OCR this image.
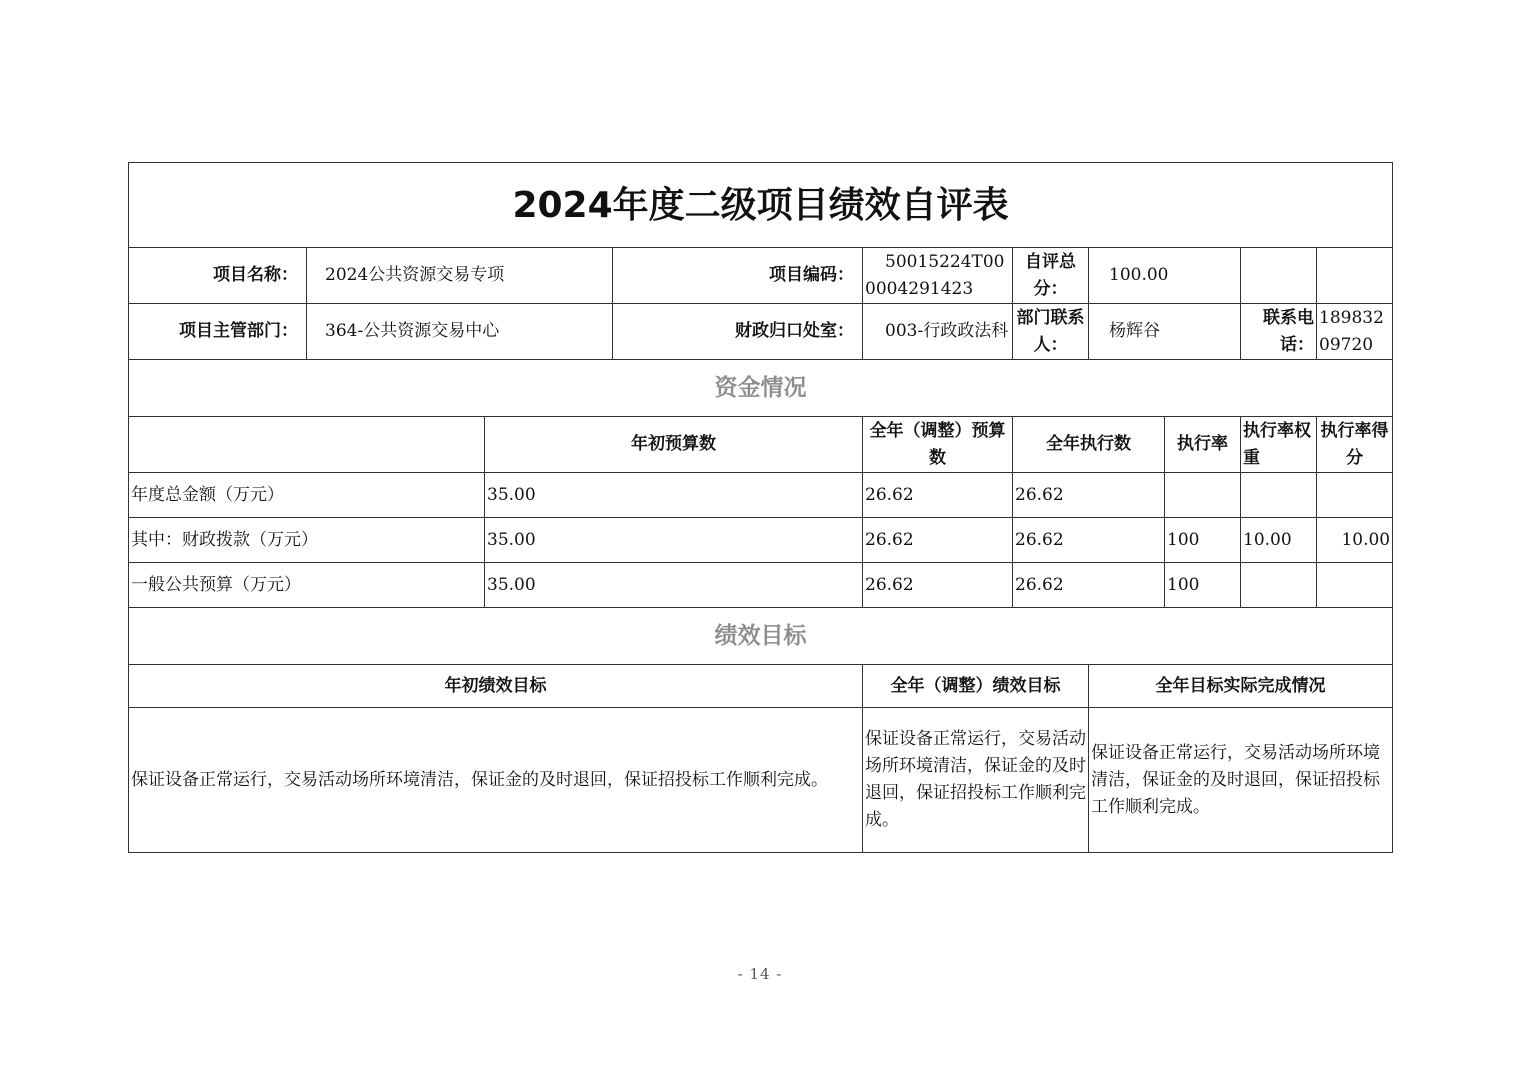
2024年度二级项目绩效自评表									
项目名称：	2024公共资源交易专项		项目编码：	50015224T000004291423	自评总分：	100.00			
项目主管部门：	364-公共资源交易中心		财政归口处室：	003-行政政法科	部门联系人：	杨辉谷		联系电话：	18983209720
资金情况									
		年初预算数		全年（调整）预算数	全年执行数		执行率	执行率权重	执行率得分
年度总金额（万元）		35.00		26.62	26.62				
其中：财政拨款（万元）		35.00		26.62	26.62		100	10.00	10.00
一般公共预算（万元）		35.00		26.62	26.62		100		
绩效目标									
年初绩效目标				全年（调整）绩效目标		全年目标实际完成情况			
保证设备正常运行，交易活动场所环境清洁，保证金的及时退回，保证招投标工作顺利完成。				保证设备正常运行，交易活动场所环境清洁，保证金的及时退回，保证招投标工作顺利完成。		保证设备正常运行，交易活动场所环境清洁，保证金的及时退回，保证招投标工作顺利完成。			
- 14 -
